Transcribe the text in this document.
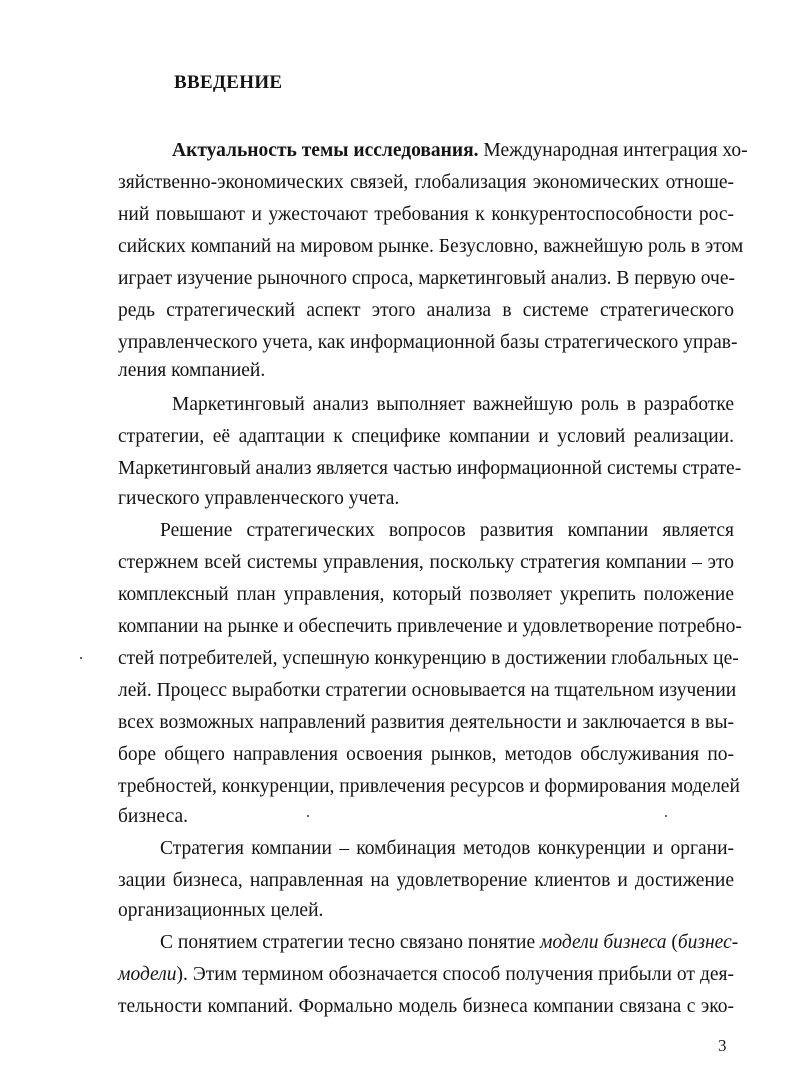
ВВЕДЕНИЕ
Актуальность темы исследования. Международная интеграция хо-
зяйственно-экономических связей, глобализация экономических отноше-
ний повышают и ужесточают требования к конкурентоспособности рос-
сийских компаний на мировом рынке. Безусловно, важнейшую роль в этом
играет изучение рыночного спроса, маркетинговый анализ. В первую оче-
редь стратегический аспект этого анализа в системе стратегического
управленческого учета, как информационной базы стратегического управ-
ления компанией.
Маркетинговый анализ выполняет важнейшую роль в разработке
стратегии, её адаптации к специфике компании и условий реализации.
Маркетинговый анализ является частью информационной системы страте-
гического управленческого учета.
Решение стратегических вопросов развития компании является
стержнем всей системы управления, поскольку стратегия компании – это
комплексный план управления, который позволяет укрепить положение
компании на рынке и обеспечить привлечение и удовлетворение потребно-
стей потребителей, успешную конкуренцию в достижении глобальных це-
лей. Процесс выработки стратегии основывается на тщательном изучении
всех возможных направлений развития деятельности и заключается в вы-
боре общего направления освоения рынков, методов обслуживания по-
требностей, конкуренции, привлечения ресурсов и формирования моделей
бизнеса.
Стратегия компании – комбинация методов конкуренции и органи-
зации бизнеса, направленная на удовлетворение клиентов и достижение
организационных целей.
С понятием стратегии тесно связано понятие модели бизнеса (бизнес-
модели). Этим термином обозначается способ получения прибыли от дея-
тельности компаний. Формально модель бизнеса компании связана с эко-
3
